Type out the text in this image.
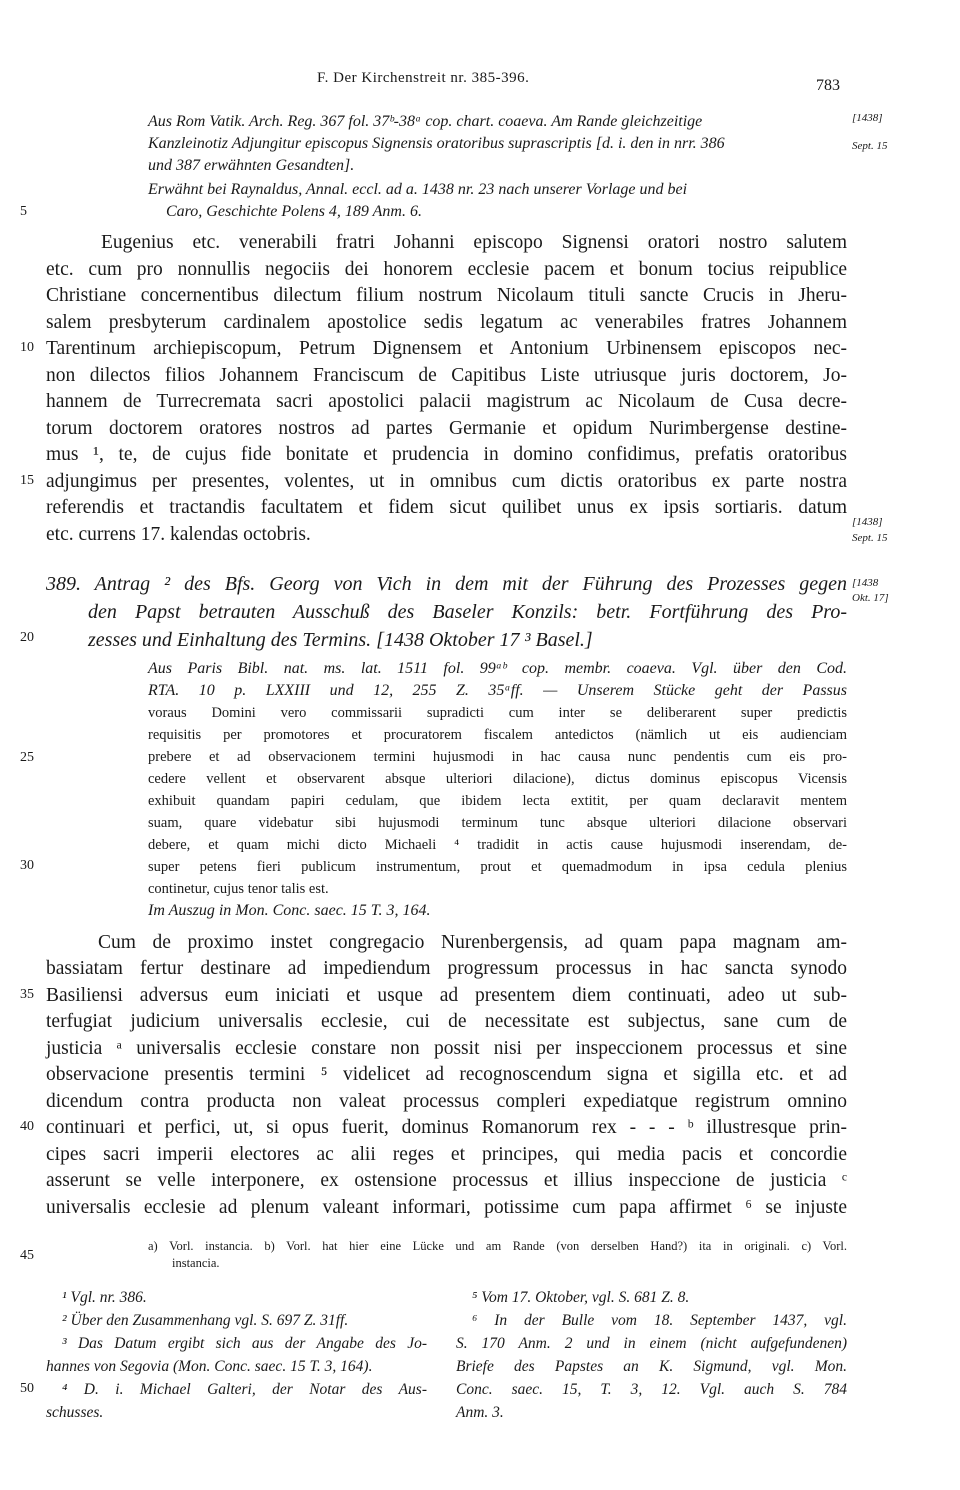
F. Der Kirchenstreit nr. 385-396.	783
Aus Rom Vatik. Arch. Reg. 367 fol. 37ᵇ-38ᵃ cop. chart. coaeva. Am Rande gleichzeitige
Kanzleinotiz Adjungitur episcopus Signensis oratoribus suprascriptis [d. i. den in nrr. 386
und 387 erwähnten Gesandten].
Erwähnt bei Raynaldus, Annal. eccl. ad a. 1438 nr. 23 nach unserer Vorlage und bei
Caro, Geschichte Polens 4, 189 Anm. 6.
Eugenius etc. venerabili fratri Johanni episcopo Signensi oratori nostro salutem
etc. cum pro nonnullis negociis dei honorem ecclesie pacem et bonum tocius reipublice
Christiane concernentibus dilectum filium nostrum Nicolaum tituli sancte Crucis in Jheru-
salem presbyterum cardinalem apostolice sedis legatum ac venerabiles fratres Johannem
Tarentinum archiepiscopum, Petrum Dignensem et Antonium Urbinensem episcopos nec-
non dilectos filios Johannem Franciscum de Capitibus Liste utriusque juris doctorem, Jo-
hannem de Turrecremata sacri apostolici palacii magistrum ac Nicolaum de Cusa decre-
torum doctorem oratores nostros ad partes Germanie et opidum Nurimbergense destine-
mus ¹, te, de cujus fide bonitate et prudencia in domino confidimus, prefatis oratoribus
adjungimus per presentes, volentes, ut in omnibus cum dictis oratoribus ex parte nostra
referendis et tractandis facultatem et fidem sicut quilibet unus ex ipsis sortiaris. datum
etc. currens 17. kalendas octobris.
389. Antrag ² des Bfs. Georg von Vich in dem mit der Führung des Prozesses gegen
den Papst betrauten Ausschuß des Baseler Konzils: betr. Fortführung des Pro-
zesses und Einhaltung des Termins. [1438 Oktober 17 ³ Basel.]
Aus Paris Bibl. nat. ms. lat. 1511 fol. 99ᵃᵇ cop. membr. coaeva. Vgl. über den Cod.
RTA. 10 p. LXXIII und 12, 255 Z. 35ᵃff. — Unserem Stücke geht der Passus
voraus Domini vero commissarii supradicti cum inter se deliberarent super predictis
requisitis per promotores et procuratorem fiscalem antedictos (nämlich ut eis audienciam
prebere et ad observacionem termini hujusmodi in hac causa nunc pendentis cum eis pro-
cedere vellent et observarent absque ulteriori dilacione), dictus dominus episcopus Vicensis
exhibuit quandam papiri cedulam, que ibidem lecta extitit, per quam declaravit mentem
suam, quare videbatur sibi hujusmodi terminum tunc absque ulteriori dilacione observari
debere, et quam michi dicto Michaeli ⁴ tradidit in actis cause hujusmodi inserendam, de-
super petens fieri publicum instrumentum, prout et quemadmodum in ipsa cedula plenius
continetur, cujus tenor talis est.
Im Auszug in Mon. Conc. saec. 15 T. 3, 164.
Cum de proximo instet congregacio Nurenbergensis, ad quam papa magnam am-
bassiatam fertur destinare ad impediendum progressum processus in hac sancta synodo
Basiliensi adversus eum iniciati et usque ad presentem diem continuati, adeo ut sub-
terfugiat judicium universalis ecclesie, cui de necessitate est subjectus, sane cum de
justicia ᵃ universalis ecclesie constare non possit nisi per inspeccionem processus et sine
observacione presentis termini ⁵ videlicet ad recognoscendum signa et sigilla etc. et ad
dicendum contra producta non valeat processus compleri expediatque registrum omnino
continuari et perfici, ut, si opus fuerit, dominus Romanorum rex - - - ᵇ illustresque prin-
cipes sacri imperii electores ac alii reges et principes, qui media pacis et concordie
asserunt se velle interponere, ex ostensione processus et illius inspeccione de justicia ᶜ
universalis ecclesie ad plenum valeant informari, potissime cum papa affirmet ⁶ se injuste
a) Vorl. instancia. b) Vorl. hat hier eine Lücke und am Rande (von derselben Hand?) ita in originali. c) Vorl.
instancia.
¹ Vgl. nr. 386.
² Über den Zusammenhang vgl. S. 697 Z. 31ff.
³ Das Datum ergibt sich aus der Angabe des Jo-
hannes von Segovia (Mon. Conc. saec. 15 T. 3, 164).
⁴ D. i. Michael Galteri, der Notar des Aus-
schusses.
⁵ Vom 17. Oktober, vgl. S. 681 Z. 8.
⁶ In der Bulle vom 18. September 1437, vgl.
S. 170 Anm. 2 und in einem (nicht aufgefundenen)
Briefe des Papstes an K. Sigmund, vgl. Mon.
Conc. saec. 15, T. 3, 12. Vgl. auch S. 784
Anm. 3.
[1438]
Sept. 15
[1438]
Sept. 15
[1438
Okt. 17]
5
10
15
20
25
30
35
40
45
50
